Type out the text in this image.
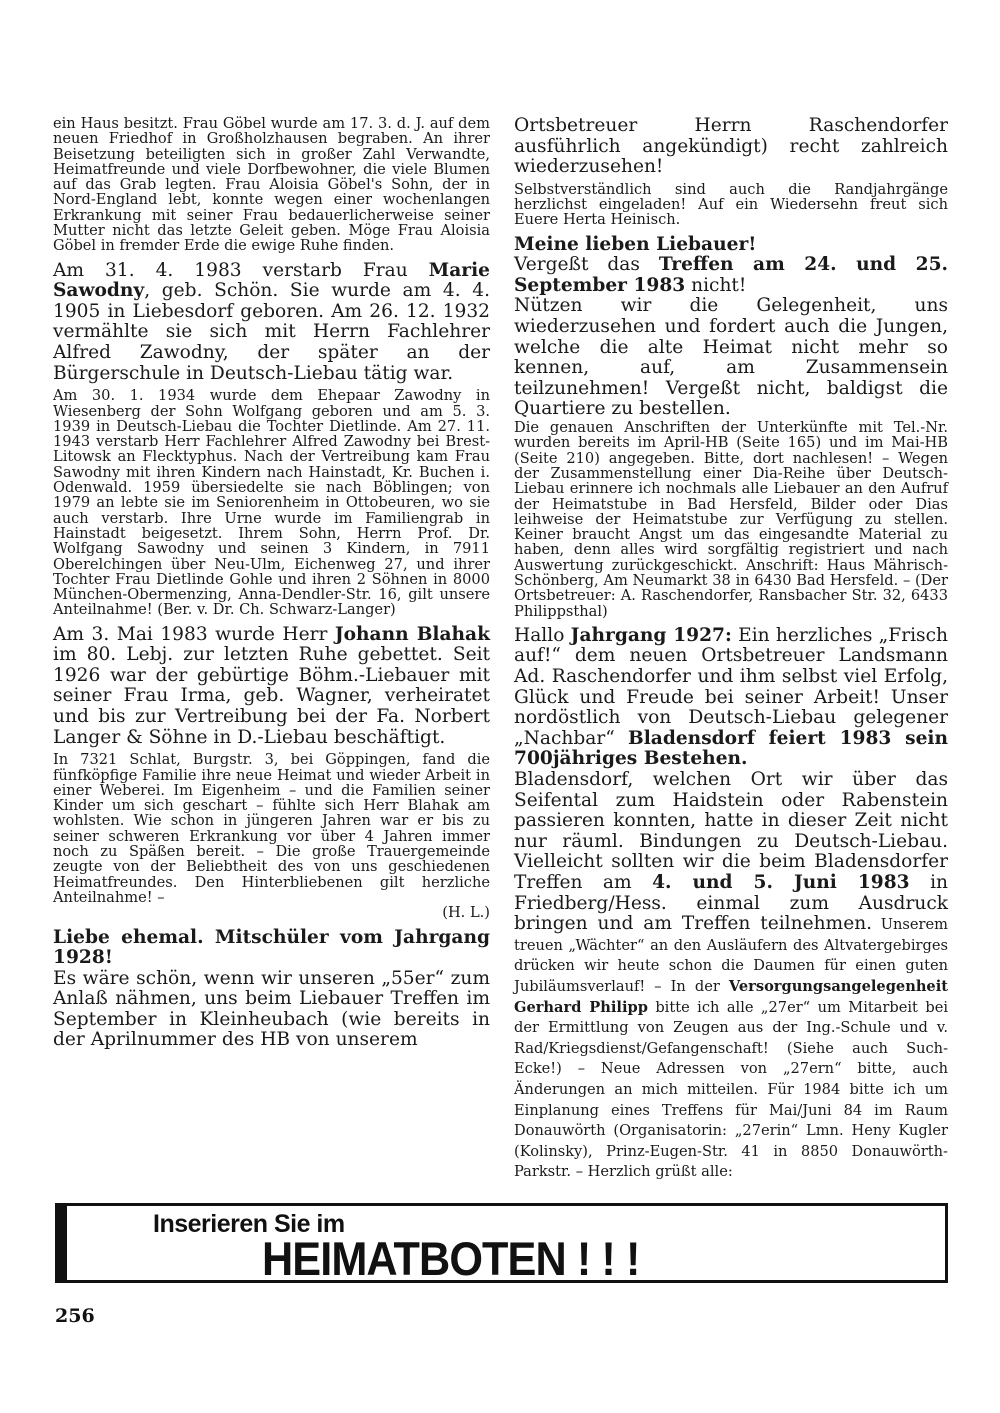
ein Haus besitzt. Frau Göbel wurde am 17. 3. d. J. auf dem neuen Friedhof in Großholzhausen begraben. An ihrer Beisetzung beteiligten sich in großer Zahl Verwandte, Heimatfreunde und viele Dorfbewohner, die viele Blumen auf das Grab legten. Frau Aloisia Göbel's Sohn, der in Nord-England lebt, konnte wegen einer wochenlangen Erkrankung mit seiner Frau bedauerlicherweise seiner Mutter nicht das letzte Geleit geben. Möge Frau Aloisia Göbel in fremder Erde die ewige Ruhe finden.

Am 31. 4. 1983 verstarb Frau Marie Sawodny, geb. Schön. Sie wurde am 4. 4. 1905 in Liebesdorf geboren. Am 26. 12. 1932 vermählte sie sich mit Herrn Fachlehrer Alfred Zawodny, der später an der Bürgerschule in Deutsch-Liebau tätig war.

Am 30. 1. 1934 wurde dem Ehepaar Zawodny in Wiesenberg der Sohn Wolfgang geboren und am 5. 3. 1939 in Deutsch-Liebau die Tochter Dietlinde. Am 27. 11. 1943 verstarb Herr Fachlehrer Alfred Zawodny bei Brest-Litowsk an Flecktyphus. Nach der Vertreibung kam Frau Sawodny mit ihren Kindern nach Hainstadt, Kr. Buchen i. Odenwald. 1959 übersiedelte sie nach Böblingen; von 1979 an lebte sie im Seniorenheim in Ottobeuren, wo sie auch verstarb. Ihre Urne wurde im Familiengrab in Hainstadt beigesetzt. Ihrem Sohn, Herrn Prof. Dr. Wolfgang Sawodny und seinen 3 Kindern, in 7911 Oberelchingen über Neu-Ulm, Eichenweg 27, und ihrer Tochter Frau Dietlinde Gohle und ihren 2 Söhnen in 8000 München-Obermenzing, Anna-Dendler-Str. 16, gilt unsere Anteilnahme! (Ber. v. Dr. Ch. Schwarz-Langer)

Am 3. Mai 1983 wurde Herr Johann Blahak im 80. Lebj. zur letzten Ruhe gebettet. Seit 1926 war der gebürtige Böhm.-Liebauer mit seiner Frau Irma, geb. Wagner, verheiratet und bis zur Vertreibung bei der Fa. Norbert Langer & Söhne in D.-Liebau beschäftigt.

In 7321 Schlat, Burgstr. 3, bei Göppingen, fand die fünfköpfige Familie ihre neue Heimat und wieder Arbeit in einer Weberei. Im Eigenheim – und die Familien seiner Kinder um sich geschart – fühlte sich Herr Blahak am wohlsten. Wie schon in jüngeren Jahren war er bis zu seiner schweren Erkrankung vor über 4 Jahren immer noch zu Späßen bereit. – Die große Trauergemeinde zeugte von der Beliebtheit des von uns geschiedenen Heimatfreundes. Den Hinterbliebenen gilt herzliche Anteilnahme! –

(H. L.)

Liebe ehemal. Mitschüler vom Jahrgang 1928!

Es wäre schön, wenn wir unseren „55er“ zum Anlaß nähmen, uns beim Liebauer Treffen im September in Kleinheubach (wie bereits in der Aprilnummer des HB von unserem

Ortsbetreuer Herrn Raschendorfer ausführlich angekündigt) recht zahlreich wiederzusehen!

Selbstverständlich sind auch die Randjahrgänge herzlichst eingeladen! Auf ein Wiedersehn freut sich Euere Herta Heinisch.

Meine lieben Liebauer!

Vergeßt das Treffen am 24. und 25. September 1983 nicht!

Nützen wir die Gelegenheit, uns wiederzusehen und fordert auch die Jungen, welche die alte Heimat nicht mehr so kennen, auf, am Zusammensein teilzunehmen! Vergeßt nicht, baldigst die Quartiere zu bestellen.

Die genauen Anschriften der Unterkünfte mit Tel.-Nr. wurden bereits im April-HB (Seite 165) und im Mai-HB (Seite 210) angegeben. Bitte, dort nachlesen! – Wegen der Zusammenstellung einer Dia-Reihe über Deutsch-Liebau erinnere ich nochmals alle Liebauer an den Aufruf der Heimatstube in Bad Hersfeld, Bilder oder Dias leihweise der Heimatstube zur Verfügung zu stellen. Keiner braucht Angst um das eingesandte Material zu haben, denn alles wird sorgfältig registriert und nach Auswertung zurückgeschickt. Anschrift: Haus Mährisch-Schönberg, Am Neumarkt 38 in 6430 Bad Hersfeld. – (Der Ortsbetreuer: A. Raschendorfer, Ransbacher Str. 32, 6433 Philippsthal)

Hallo Jahrgang 1927: Ein herzliches „Frisch auf!“ dem neuen Ortsbetreuer Landsmann Ad. Raschendorfer und ihm selbst viel Erfolg, Glück und Freude bei seiner Arbeit! Unser nordöstlich von Deutsch-Liebau gelegener „Nachbar“ Bladensdorf feiert 1983 sein 700jähriges Bestehen.

Bladensdorf, welchen Ort wir über das Seifental zum Haidstein oder Rabenstein passieren konnten, hatte in dieser Zeit nicht nur räuml. Bindungen zu Deutsch-Liebau. Vielleicht sollten wir die beim Bladensdorfer Treffen am 4. und 5. Juni 1983 in Friedberg/Hess. einmal zum Ausdruck bringen und am Treffen teilnehmen. Unserem treuen „Wächter“ an den Ausläufern des Altvatergebirges drücken wir heute schon die Daumen für einen guten Jubiläumsverlauf! – In der Versorgungsangelegenheit Gerhard Philipp bitte ich alle „27er“ um Mitarbeit bei der Ermittlung von Zeugen aus der Ing.-Schule und v. Rad/Kriegsdienst/Gefangenschaft! (Siehe auch Such-Ecke!) – Neue Adressen von „27ern“ bitte, auch Änderungen an mich mitteilen. Für 1984 bitte ich um Einplanung eines Treffens für Mai/Juni 84 im Raum Donauwörth (Organisatorin: „27erin“ Lmn. Heny Kugler (Kolinsky), Prinz-Eugen-Str. 41 in 8850 Donauwörth-Parkstr. – Herzlich grüßt alle:

Inserieren Sie im
HEIMATBOTEN ! ! !
256
